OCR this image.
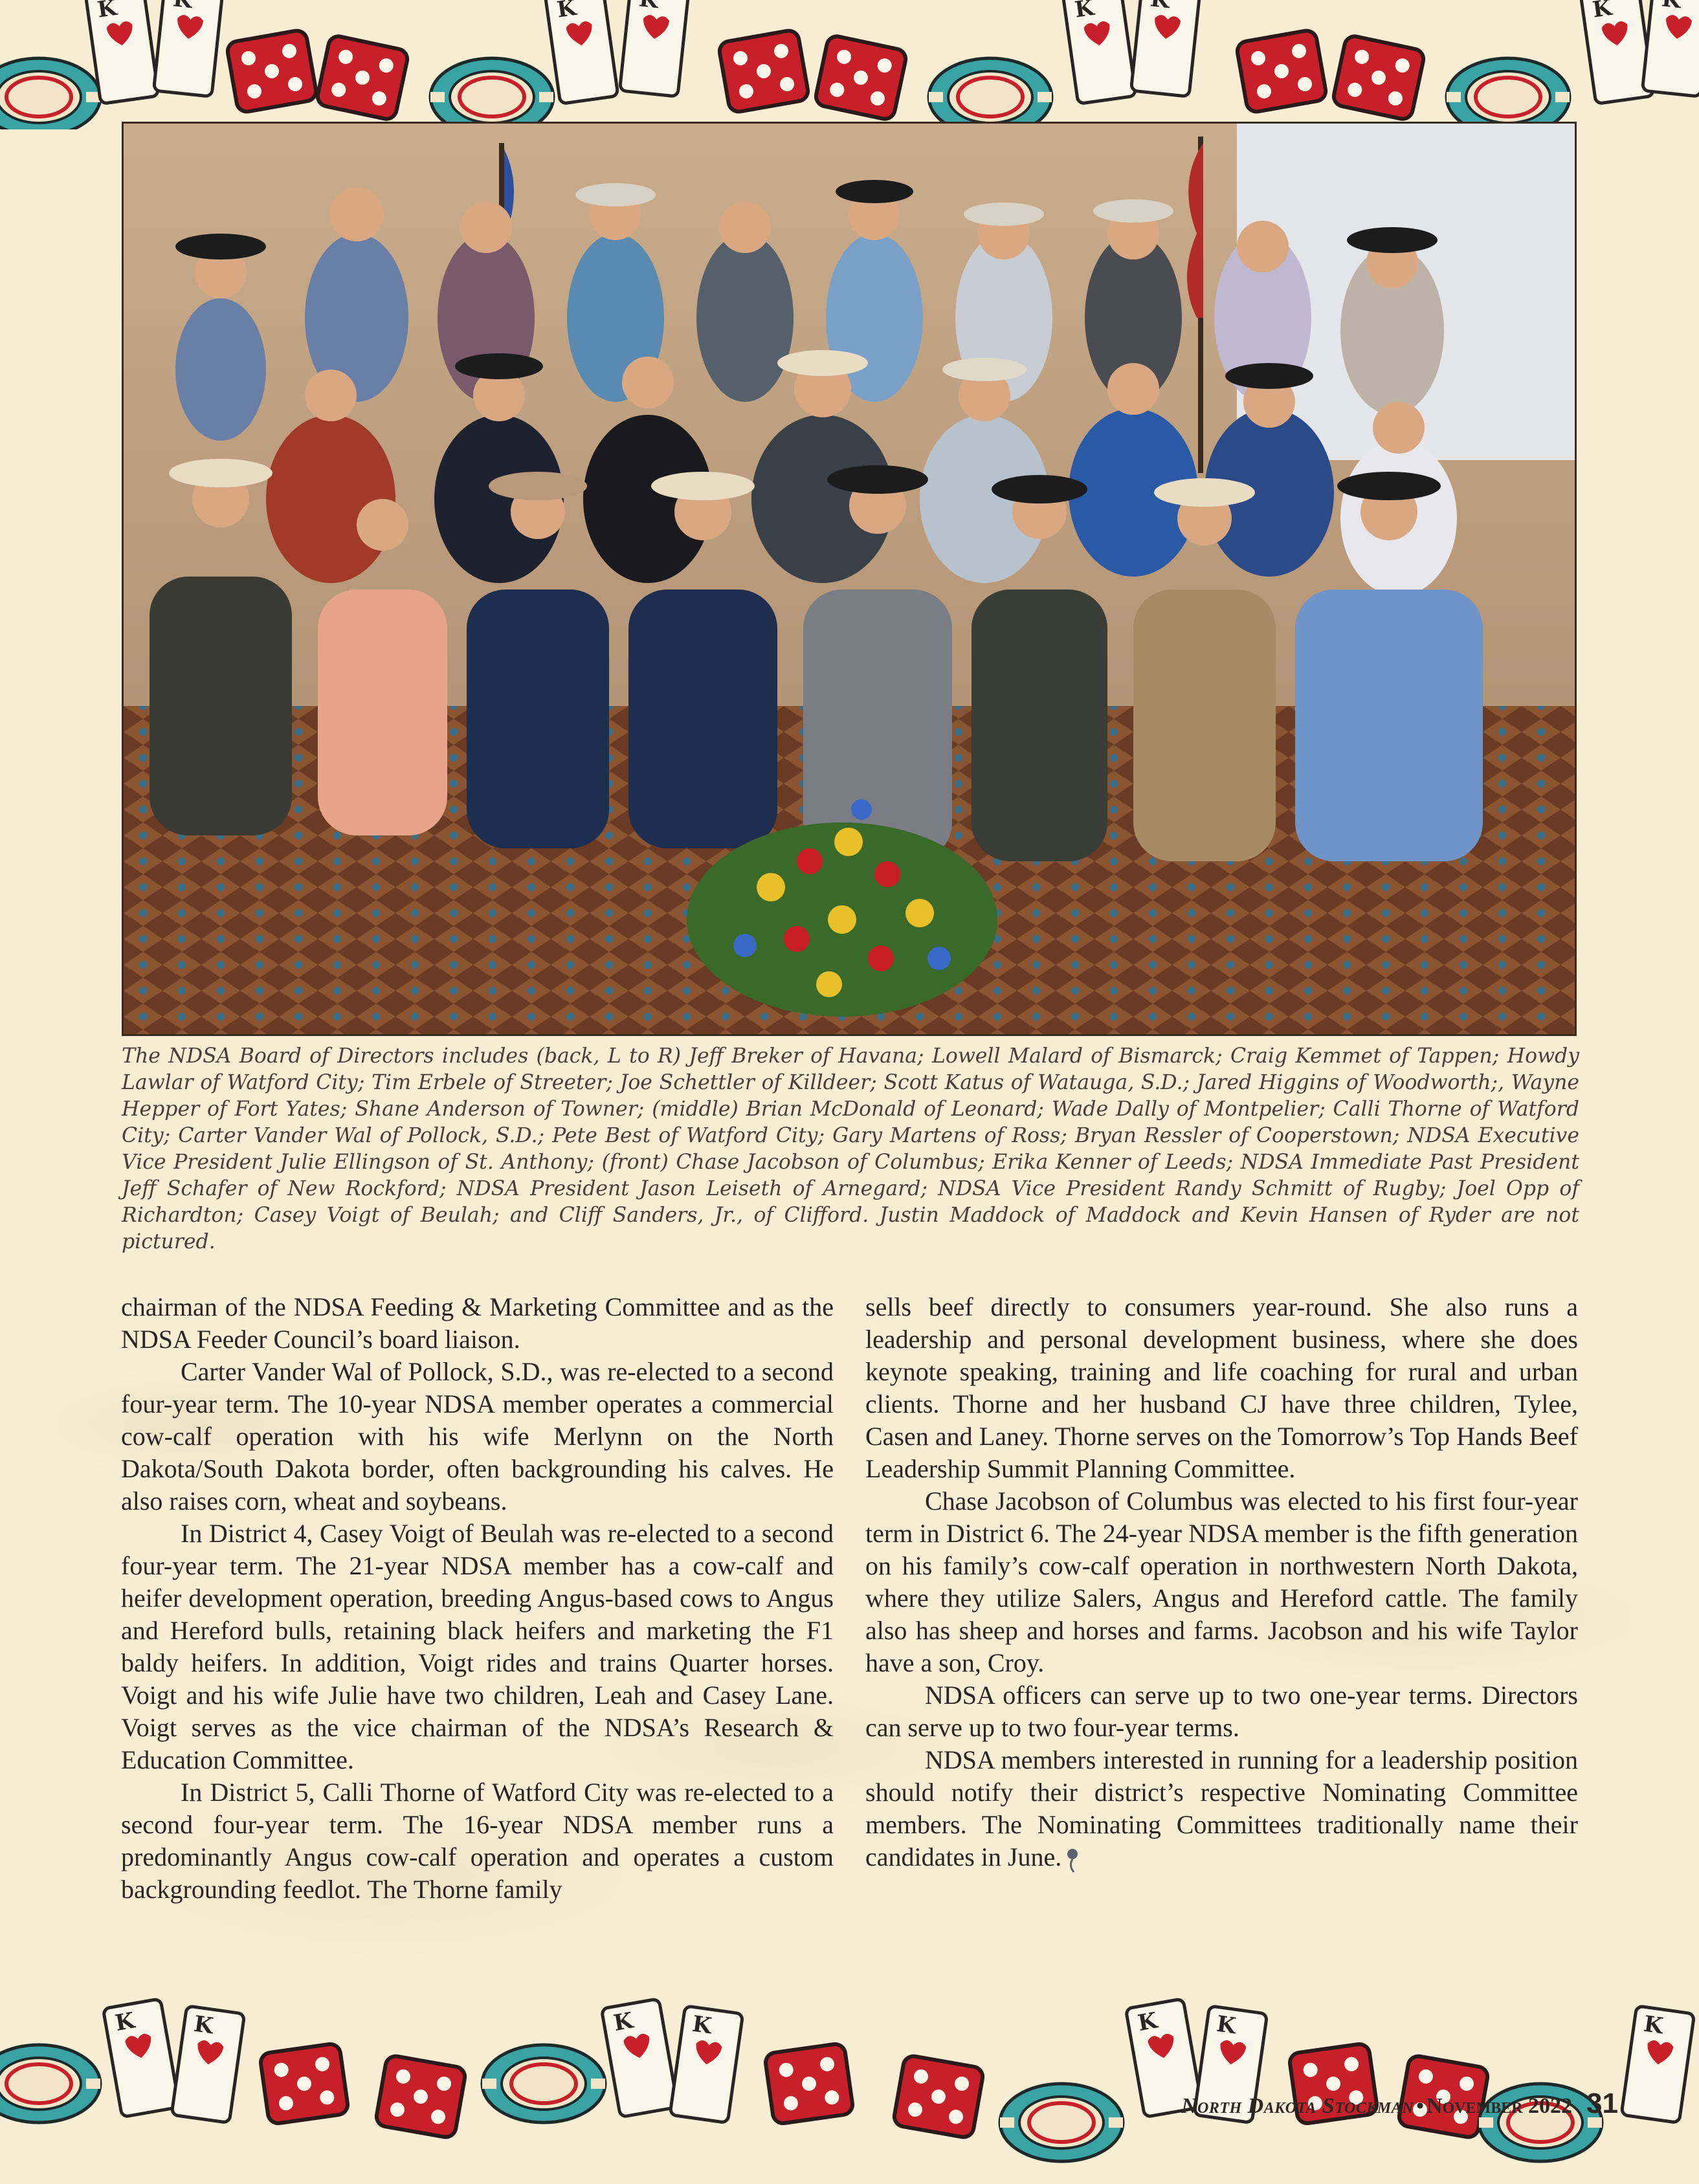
The NDSA Board of Directors includes (back, L to R) Jeff Breker of Havana; Lowell Malard of Bismarck; Craig Kemmet of Tappen; Howdy Lawlar of Watford City; Tim Erbele of Streeter; Joe Schettler of Killdeer; Scott Katus of Watauga, S.D.; Jared Higgins of Woodworth;, Wayne Hepper of Fort Yates; Shane Anderson of Towner; (middle) Brian McDonald of Leonard; Wade Dally of Montpelier; Calli Thorne of Watford City; Carter Vander Wal of Pollock, S.D.; Pete Best of Watford City; Gary Martens of Ross; Bryan Ressler of Cooperstown; NDSA Executive Vice President Julie Ellingson of St. Anthony; (front) Chase Jacobson of Columbus; Erika Kenner of Leeds; NDSA Immediate Past President Jeff Schafer of New Rockford; NDSA President Jason Leiseth of Arnegard; NDSA Vice President Randy Schmitt of Rugby; Joel Opp of Richardton; Casey Voigt of Beulah; and Cliff Sanders, Jr., of Clifford. Justin Maddock of Maddock and Kevin Hansen of Ryder are not pictured.

chairman of the NDSA Feeding & Marketing Committee and as the NDSA Feeder Council’s board liaison.

Carter Vander Wal of Pollock, S.D., was re-elected to a second four-year term. The 10-year NDSA member operates a commercial cow-calf operation with his wife Merlynn on the North Dakota/South Dakota border, often backgrounding his calves. He also raises corn, wheat and soybeans.

In District 4, Casey Voigt of Beulah was re-elected to a second four-year term. The 21-year NDSA member has a cow-calf and heifer development operation, breeding Angus-based cows to Angus and Hereford bulls, retaining black heifers and marketing the F1 baldy heifers. In addition, Voigt rides and trains Quarter horses. Voigt and his wife Julie have two children, Leah and Casey Lane. Voigt serves as the vice chairman of the NDSA’s Research & Education Committee.

In District 5, Calli Thorne of Watford City was re-elected to a second four-year term. The 16-year NDSA member runs a predominantly Angus cow-calf operation and operates a custom backgrounding feedlot. The Thorne family

sells beef directly to consumers year-round. She also runs a leadership and personal development business, where she does keynote speaking, training and life coaching for rural and urban clients. Thorne and her husband CJ have three children, Tylee, Casen and Laney. Thorne serves on the Tomorrow’s Top Hands Beef Leadership Summit Planning Committee.

Chase Jacobson of Columbus was elected to his first four-year term in District 6. The 24-year NDSA member is the fifth generation on his family’s cow-calf operation in northwestern North Dakota, where they utilize Salers, Angus and Hereford cattle. The family also has sheep and horses and farms. Jacobson and his wife Taylor have a son, Croy.

NDSA officers can serve up to two one-year terms. Directors can serve up to two four-year terms.

NDSA members interested in running for a leadership position should notify their district’s respective Nominating Committee members. The Nominating Committees traditionally name their candidates in June.

North Dakota Stockman • November 2022 31
